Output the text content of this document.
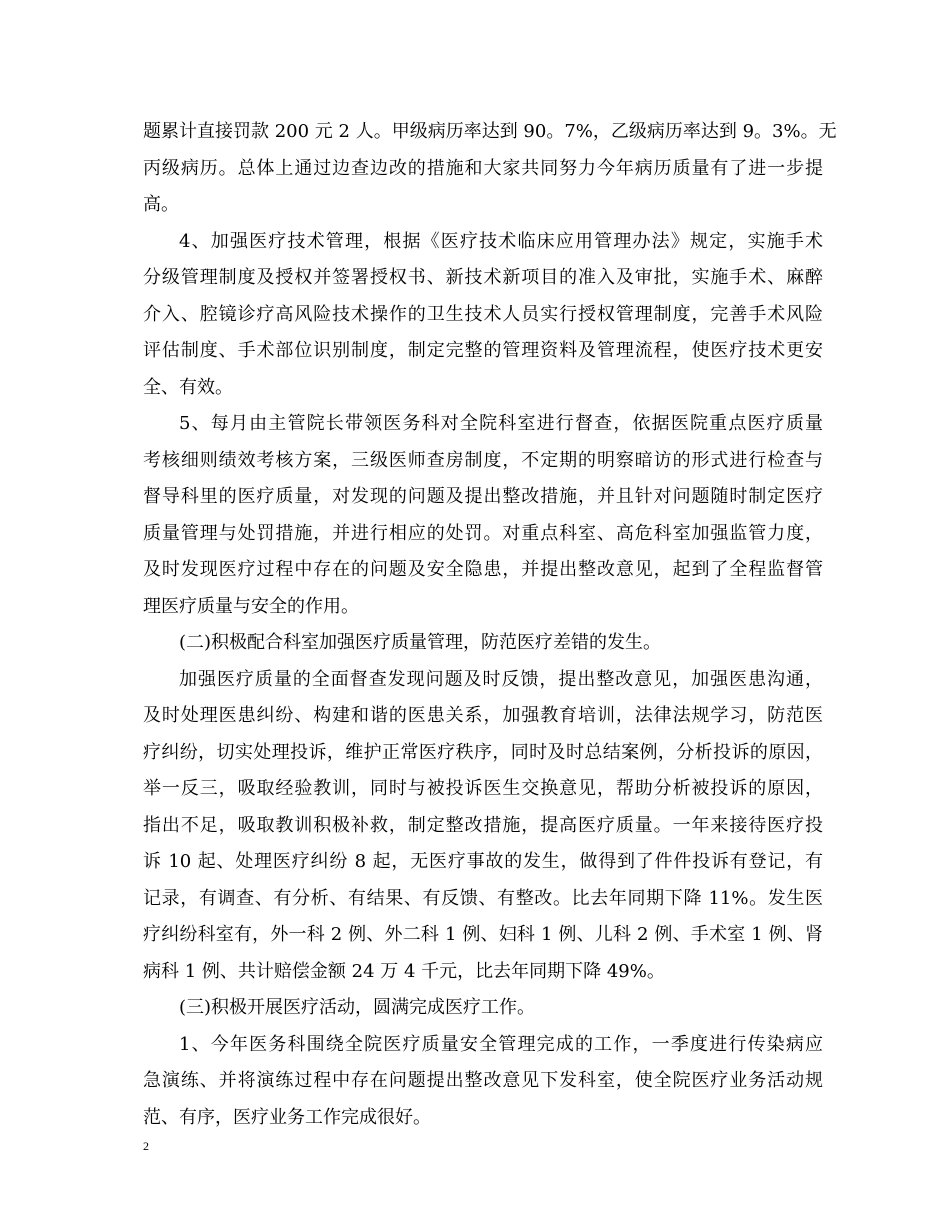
题累计直接罚款 200 元 2 人。甲级病历率达到 90。7%，乙级病历率达到 9。3%。无
丙级病历。总体上通过边查边改的措施和大家共同努力今年病历质量有了进一步提
高。
4、加强医疗技术管理，根据《医疗技术临床应用管理办法》规定，实施手术
分级管理制度及授权并签署授权书、新技术新项目的准入及审批，实施手术、麻醉
介入、腔镜诊疗高风险技术操作的卫生技术人员实行授权管理制度，完善手术风险
评估制度、手术部位识别制度，制定完整的管理资料及管理流程，使医疗技术更安
全、有效。
5、每月由主管院长带领医务科对全院科室进行督查，依据医院重点医疗质量
考核细则绩效考核方案，三级医师查房制度，不定期的明察暗访的形式进行检查与
督导科里的医疗质量，对发现的问题及提出整改措施，并且针对问题随时制定医疗
质量管理与处罚措施，并进行相应的处罚。对重点科室、高危科室加强监管力度，
及时发现医疗过程中存在的问题及安全隐患，并提出整改意见，起到了全程监督管
理医疗质量与安全的作用。
(二)积极配合科室加强医疗质量管理，防范医疗差错的发生。
加强医疗质量的全面督查发现问题及时反馈，提出整改意见，加强医患沟通，
及时处理医患纠纷、构建和谐的医患关系，加强教育培训，法律法规学习，防范医
疗纠纷，切实处理投诉，维护正常医疗秩序，同时及时总结案例，分析投诉的原因，
举一反三，吸取经验教训，同时与被投诉医生交换意见，帮助分析被投诉的原因，
指出不足，吸取教训积极补救，制定整改措施，提高医疗质量。一年来接待医疗投
诉 10 起、处理医疗纠纷 8 起，无医疗事故的发生，做得到了件件投诉有登记，有
记录，有调查、有分析、有结果、有反馈、有整改。比去年同期下降 11%。发生医
疗纠纷科室有，外一科 2 例、外二科 1 例、妇科 1 例、儿科 2 例、手术室 1 例、肾
病科 1 例、共计赔偿金额 24 万 4 千元，比去年同期下降 49%。
(三)积极开展医疗活动，圆满完成医疗工作。
1、今年医务科围绕全院医疗质量安全管理完成的工作，一季度进行传染病应
急演练、并将演练过程中存在问题提出整改意见下发科室，使全院医疗业务活动规
范、有序，医疗业务工作完成很好。
2
